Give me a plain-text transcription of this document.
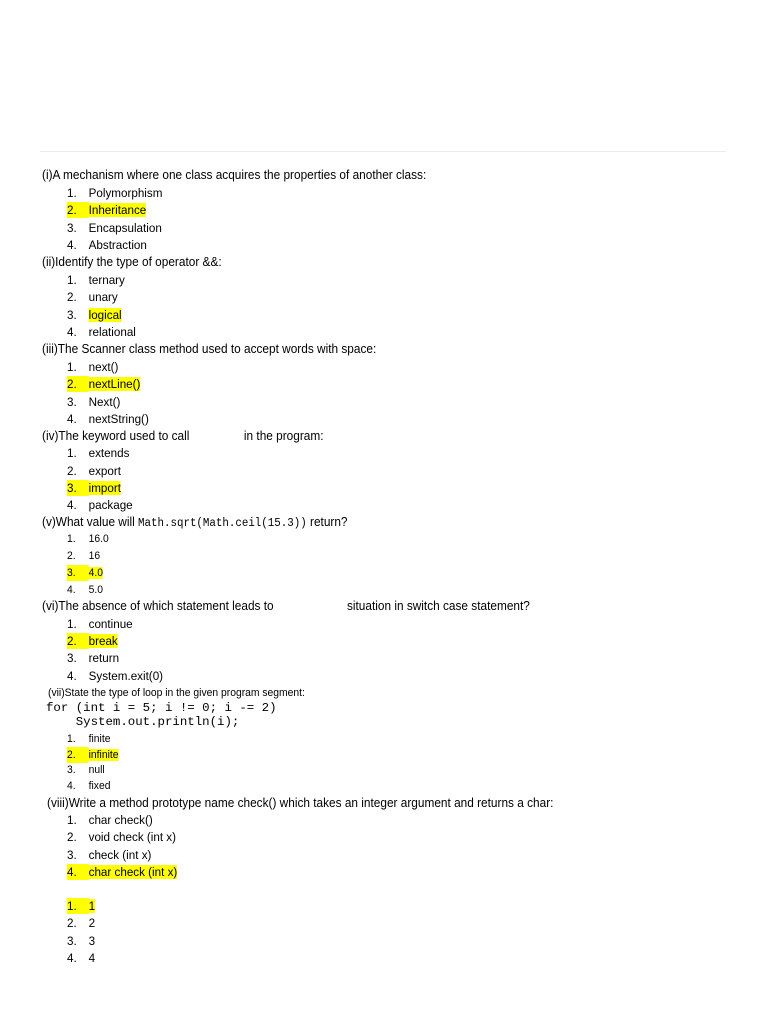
(i)A mechanism where one class acquires the properties of another class:
1. Polymorphism
2. Inheritance
3. Encapsulation
4. Abstraction
(ii)Identify the type of operator &&:
1. ternary
2. unary
3. logical
4. relational
(iii)The Scanner class method used to accept words with space:
1. next()
2. nextLine()
3. Next()
4. nextString()
(iv)The keyword used to call	in the program:
1. extends
2. export
3. import
4. package
(v)What value will Math.sqrt(Math.ceil(15.3)) return?
1. 16.0
2. 16
3. 4.0
4. 5.0
(vi)The absence of which statement leads to	situation in switch case statement?
1. continue
2. break
3. return
4. System.exit(0)
(vii)State the type of loop in the given program segment:
for (int i = 5; i != 0; i -= 2)
System.out.println(i);
1. finite
2. infinite
3. null
4. fixed
(viii)Write a method prototype name check() which takes an integer argument and returns a char:
1. char check()
2. void check (int x)
3. check (int x)
4. char check (int x)
1. 1
2. 2
3. 3
4. 4
